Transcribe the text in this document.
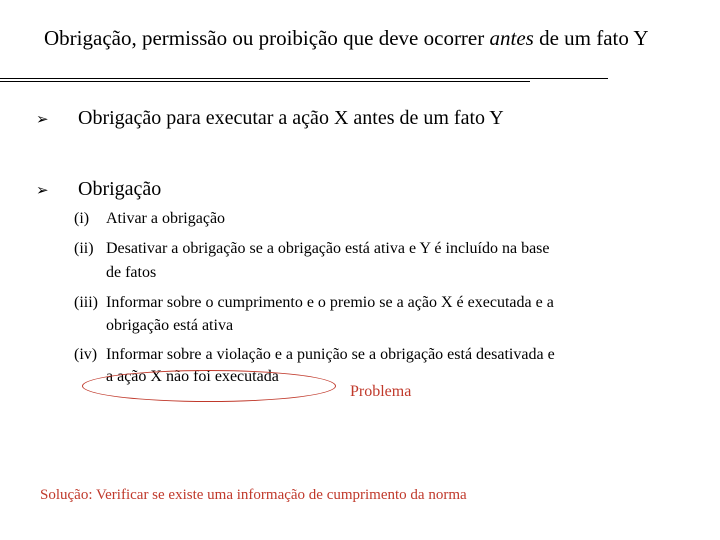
Obrigação, permissão ou proibição que deve ocorrer antes de um fato Y
➢	Obrigação para executar a ação X antes de um fato Y
➢	Obrigação
(i) Ativar a obrigação
(ii) Desativar a obrigação se a obrigação está ativa e Y é incluído na base
de fatos
(iii) Informar sobre o cumprimento e o premio se a ação X é executada e a
obrigação está ativa
(iv) Informar sobre a violação e a punição se a obrigação está desativada e
a ação X não foi executada
Problema
Solução: Verificar se existe uma informação de cumprimento da norma
